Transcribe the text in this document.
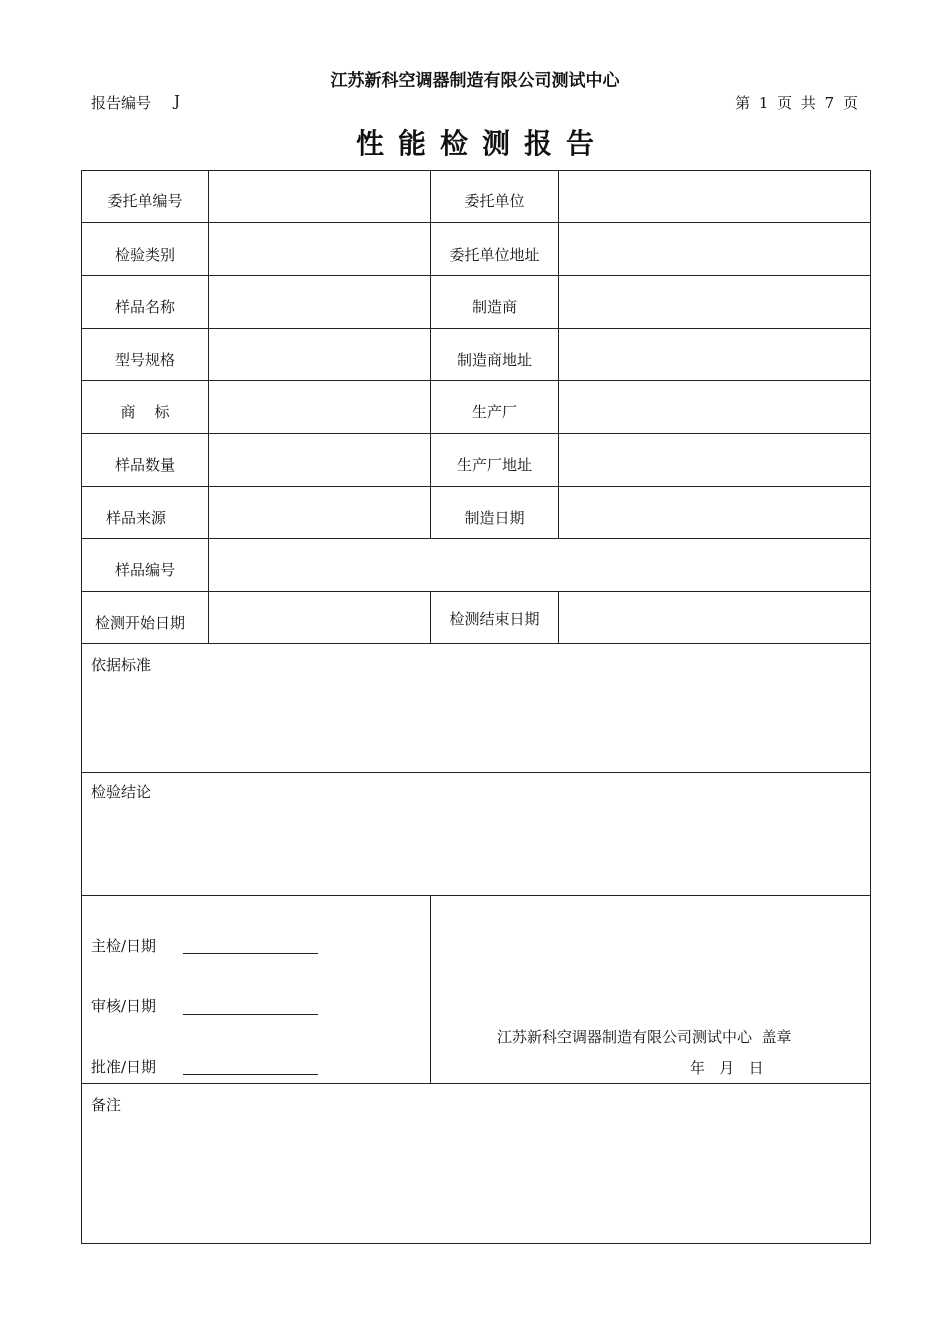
江苏新科空调器制造有限公司测试中心
报告编号 J	第 1 页 共 7 页
性能检测报告
委托单编号	委托单位
检验类别	委托单位地址
样品名称	制造商
型号规格	制造商地址
商    标	生产厂
样品数量	生产厂地址
样品来源	制造日期
样品编号
检测开始日期	检测结束日期
依据标准
检验结论
主检/日期
审核/日期
批准/日期
江苏新科空调器制造有限公司测试中心  盖章
年   月   日
备注
